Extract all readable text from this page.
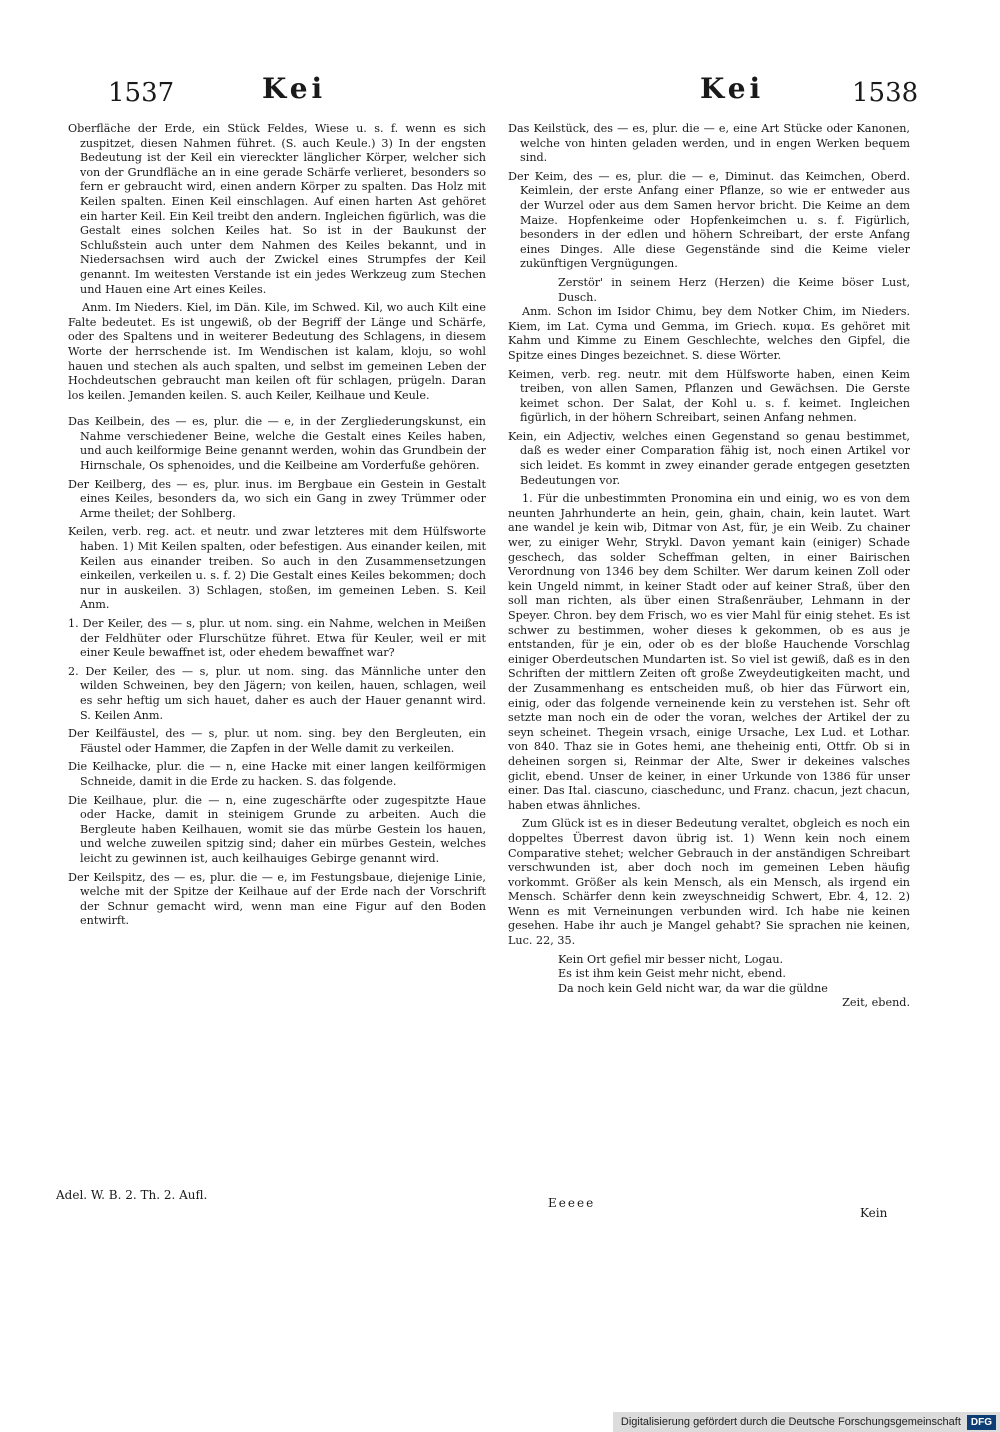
1537	Kei	Kei	1538

Oberfläche der Erde, ein Stück Feldes, Wiese u. s. f. wenn es sich zuspitzet, diesen Nahmen führet. (S. auch Keule.) 3) In der engsten Bedeutung ist der Keil ein viereckter länglicher Körper, welcher sich von der Grundfläche an in eine gerade Schärfe verlieret, besonders so fern er gebraucht wird, einen andern Körper zu spalten. Das Holz mit Keilen spalten. Einen Keil einschlagen. Auf einen harten Ast gehöret ein harter Keil. Ein Keil treibt den andern. Ingleichen figürlich, was die Gestalt eines solchen Keiles hat. So ist in der Baukunst der Schlußstein auch unter dem Nahmen des Keiles bekannt, und in Niedersachsen wird auch der Zwickel eines Strumpfes der Keil genannt. Im weitesten Verstande ist ein jedes Werkzeug zum Stechen und Hauen eine Art eines Keiles.

Anm. Im Nieders. Kiel, im Dän. Kile, im Schwed. Kil, wo auch Kilt eine Falte bedeutet. Es ist ungewiß, ob der Begriff der Länge und Schärfe, oder des Spaltens und in weiterer Bedeutung des Schlagens, in diesem Worte der herrschende ist. Im Wendischen ist kalam, kloju, so wohl hauen und stechen als auch spalten, und selbst im gemeinen Leben der Hochdeutschen gebraucht man keilen oft für schlagen, prügeln. Daran los keilen. Jemanden keilen. S. auch Keiler, Keilhaue und Keule.

Das Keilbein, des — es, plur. die — e, in der Zergliederungskunst, ein Nahme verschiedener Beine, welche die Gestalt eines Keiles haben, und auch keilformige Beine genannt werden, wohin das Grundbein der Hirnschale, Os sphenoides, und die Keilbeine am Vorderfuße gehören.

Der Keilberg, des — es, plur. inus. im Bergbaue ein Gestein in Gestalt eines Keiles, besonders da, wo sich ein Gang in zwey Trümmer oder Arme theilet; der Sohlberg.

Keilen, verb. reg. act. et neutr. und zwar letzteres mit dem Hülfsworte haben. 1) Mit Keilen spalten, oder befestigen. Aus einander keilen, mit Keilen aus einander treiben. So auch in den Zusammensetzungen einkeilen, verkeilen u. s. f. 2) Die Gestalt eines Keiles bekommen; doch nur in auskeilen. 3) Schlagen, stoßen, im gemeinen Leben. S. Keil Anm.

1. Der Keiler, des — s, plur. ut nom. sing. ein Nahme, welchen in Meißen der Feldhüter oder Flurschütze führet. Etwa für Keuler, weil er mit einer Keule bewaffnet ist, oder ehedem bewaffnet war?

2. Der Keiler, des — s, plur. ut nom. sing. das Männliche unter den wilden Schweinen, bey den Jägern; von keilen, hauen, schlagen, weil es sehr heftig um sich hauet, daher es auch der Hauer genannt wird. S. Keilen Anm.

Der Keilfäustel, des — s, plur. ut nom. sing. bey den Bergleuten, ein Fäustel oder Hammer, die Zapfen in der Welle damit zu verkeilen.

Die Keilhacke, plur. die — n, eine Hacke mit einer langen keilförmigen Schneide, damit in die Erde zu hacken. S. das folgende.

Die Keilhaue, plur. die — n, eine zugeschärfte oder zugespitzte Haue oder Hacke, damit in steinigem Grunde zu arbeiten. Auch die Bergleute haben Keilhauen, womit sie das mürbe Gestein los hauen, und welche zuweilen spitzig sind; daher ein mürbes Gestein, welches leicht zu gewinnen ist, auch keilhauiges Gebirge genannt wird.

Der Keilspitz, des — es, plur. die — e, im Festungsbaue, diejenige Linie, welche mit der Spitze der Keilhaue auf der Erde nach der Vorschrift der Schnur gemacht wird, wenn man eine Figur auf den Boden entwirft.

Adel. W. B. 2. Th. 2. Aufl.

Das Keilstück, des — es, plur. die — e, eine Art Stücke oder Kanonen, welche von hinten geladen werden, und in engen Werken bequem sind.

Der Keim, des — es, plur. die — e, Diminut. das Keimchen, Oberd. Keimlein, der erste Anfang einer Pflanze, so wie er entweder aus der Wurzel oder aus dem Samen hervor bricht. Die Keime an dem Maize. Hopfenkeime oder Hopfenkeimchen u. s. f. Figürlich, besonders in der edlen und höhern Schreibart, der erste Anfang eines Dinges. Alle diese Gegenstände sind die Keime vieler zukünftigen Vergnügungen.

Zerstör' in seinem Herz (Herzen) die Keime böser Lust, Dusch.

Anm. Schon im Isidor Chimu, bey dem Notker Chim, im Nieders. Kiem, im Lat. Cyma und Gemma, im Griech. κυμα. Es gehöret mit Kahm und Kimme zu Einem Geschlechte, welches den Gipfel, die Spitze eines Dinges bezeichnet. S. diese Wörter.

Keimen, verb. reg. neutr. mit dem Hülfsworte haben, einen Keim treiben, von allen Samen, Pflanzen und Gewächsen. Die Gerste keimet schon. Der Salat, der Kohl u. s. f. keimet. Ingleichen figürlich, in der höhern Schreibart, seinen Anfang nehmen.

Kein, ein Adjectiv, welches einen Gegenstand so genau bestimmet, daß es weder einer Comparation fähig ist, noch einen Artikel vor sich leidet. Es kommt in zwey einander gerade entgegen gesetzten Bedeutungen vor.

1. Für die unbestimmten Pronomina ein und einig, wo es von dem neunten Jahrhunderte an hein, gein, ghain, chain, kein lautet. Wart ane wandel je kein wib, Ditmar von Ast, für, je ein Weib. Zu chainer wer, zu einiger Wehr, Strykl. Davon yemant kain (einiger) Schade geschech, das solder Scheffman gelten, in einer Bairischen Verordnung von 1346 bey dem Schilter. Wer darum keinen Zoll oder kein Ungeld nimmt, in keiner Stadt oder auf keiner Straß, über den soll man richten, als über einen Straßenräuber, Lehmann in der Speyer. Chron. bey dem Frisch, wo es vier Mahl für einig stehet. Es ist schwer zu bestimmen, woher dieses k gekommen, ob es aus je entstanden, für je ein, oder ob es der bloße Hauchende Vorschlag einiger Oberdeutschen Mundarten ist. So viel ist gewiß, daß es in den Schriften der mittlern Zeiten oft große Zweydeutigkeiten macht, und der Zusammenhang es entscheiden muß, ob hier das Fürwort ein, einig, oder das folgende verneinende kein zu verstehen ist. Sehr oft setzte man noch ein de oder the voran, welches der Artikel der zu seyn scheinet. Thegein vrsach, einige Ursache, Lex Lud. et Lothar. von 840. Thaz sie in Gotes hemi, ane theheinig enti, Ottfr. Ob si in deheinen sorgen si, Reinmar der Alte, Swer ir dekeines valsches giclit, ebend. Unser de keiner, in einer Urkunde von 1386 für unser einer. Das Ital. ciascuno, ciaschedunc, und Franz. chacun, jezt chacun, haben etwas ähnliches.

Zum Glück ist es in dieser Bedeutung veraltet, obgleich es noch ein doppeltes Überrest davon übrig ist. 1) Wenn kein noch einem Comparative stehet; welcher Gebrauch in der anständigen Schreibart verschwunden ist, aber doch noch im gemeinen Leben häufig vorkommt. Größer als kein Mensch, als ein Mensch, als irgend ein Mensch. Schärfer denn kein zweyschneidig Schwert, Ebr. 4, 12. 2) Wenn es mit Verneinungen verbunden wird. Ich habe nie keinen gesehen. Habe ihr auch je Mangel gehabt? Sie sprachen nie keinen, Luc. 22, 35.

Kein Ort gefiel mir besser nicht, Logau.

Es ist ihm kein Geist mehr nicht, ebend.

Da noch kein Geld nicht war, da war die güldne

Zeit, ebend.

Eeeee
Kein
Digitalisierung gefördert durch die Deutsche Forschungsgemeinschaft	DFG
